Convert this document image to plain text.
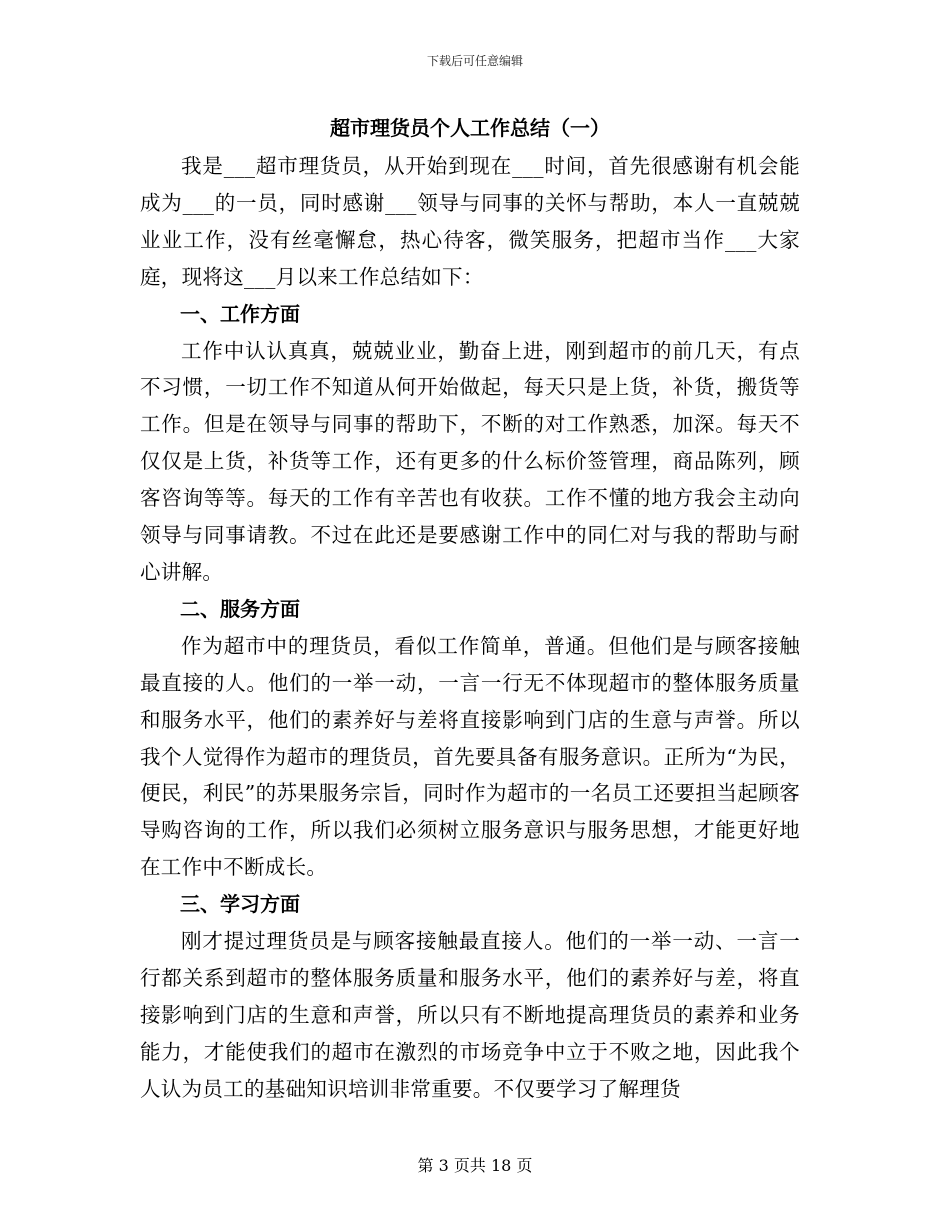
下载后可任意编辑
超市理货员个人工作总结（一）

我是___超市理货员，从开始到现在___时间，首先很感谢有机会能成为___的一员，同时感谢___领导与同事的关怀与帮助，本人一直兢兢业业工作，没有丝毫懈怠，热心待客，微笑服务，把超市当作___大家庭，现将这___月以来工作总结如下：

一、工作方面

工作中认认真真，兢兢业业，勤奋上进，刚到超市的前几天，有点不习惯，一切工作不知道从何开始做起，每天只是上货，补货，搬货等工作。但是在领导与同事的帮助下，不断的对工作熟悉，加深。每天不仅仅是上货，补货等工作，还有更多的什么标价签管理，商品陈列，顾客咨询等等。每天的工作有辛苦也有收获。工作不懂的地方我会主动向领导与同事请教。不过在此还是要感谢工作中的同仁对与我的帮助与耐心讲解。

二、服务方面

作为超市中的理货员，看似工作简单，普通。但他们是与顾客接触最直接的人。他们的一举一动，一言一行无不体现超市的整体服务质量和服务水平，他们的素养好与差将直接影响到门店的生意与声誉。所以我个人觉得作为超市的理货员，首先要具备有服务意识。正所为“为民，便民，利民”的苏果服务宗旨，同时作为超市的一名员工还要担当起顾客导购咨询的工作，所以我们必须树立服务意识与服务思想，才能更好地在工作中不断成长。

三、学习方面

刚才提过理货员是与顾客接触最直接人。他们的一举一动、一言一行都关系到超市的整体服务质量和服务水平，他们的素养好与差，将直接影响到门店的生意和声誉，所以只有不断地提高理货员的素养和业务能力，才能使我们的超市在激烈的市场竞争中立于不败之地，因此我个人认为员工的基础知识培训非常重要。不仅要学习了解理货

第 3 页共 18 页
